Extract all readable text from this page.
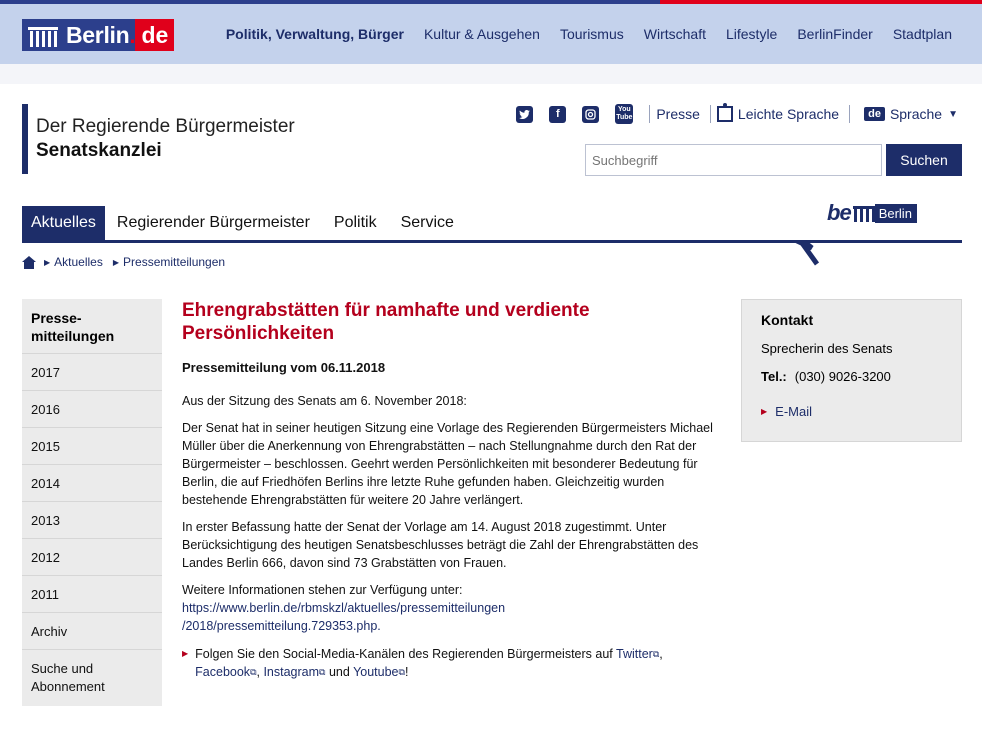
Berlin. de	Politik, Verwaltung, Bürger Kultur & Ausgehen Tourismus Wirtschaft Lifestyle BerlinFinder Stadtplan
Der Regierende Bürgermeister
Senatskanzlei
f	You
Tube Presse	Leichte Sprache	de Sprache ▼
Suchbegriff
Suchen
Aktuelles	Regierender Bürgermeister	Politik	Service	be	Berlin
▶ Aktuelles ▶ Pressemitteilungen
Presse-
mitteilungen
2017
2016
2015
2014
2013
2012
2011
Archiv
Suche und
Abonnement
Ehrengrabstätten für namhafte und verdiente Persönlichkeiten
Pressemitteilung vom 06.11.2018

Aus der Sitzung des Senats am 6. November 2018:

Der Senat hat in seiner heutigen Sitzung eine Vorlage des Regierenden Bürgermeisters Michael Müller über die Anerkennung von Ehrengrabstätten – nach Stellungnahme durch den Rat der Bürgermeister – beschlossen. Geehrt werden Persönlichkeiten mit besonderer Bedeutung für Berlin, die auf Friedhöfen Berlins ihre letzte Ruhe gefunden haben. Gleichzeitig wurden bestehende Ehrengrabstätten für weitere 20 Jahre verlängert.

In erster Befassung hatte der Senat der Vorlage am 14. August 2018 zugestimmt. Unter Berücksichtigung des heutigen Senatsbeschlusses beträgt die Zahl der Ehrengrabstätten des Landes Berlin 666, davon sind 73 Grabstätten von Frauen.

Weitere Informationen stehen zur Verfügung unter:
https://www.berlin.de/rbmskzl/aktuelles/pressemitteilungen
/2018/pressemitteilung.729353.php.

▶ Folgen Sie den Social-Media-Kanälen des Regierenden Bürgermeisters auf Twitter⧉, Facebook⧉, Instagram⧉ und Youtube⧉!
Kontakt
Sprecherin des Senats
Tel.: (030) 9026-3200
▶ E-Mail
